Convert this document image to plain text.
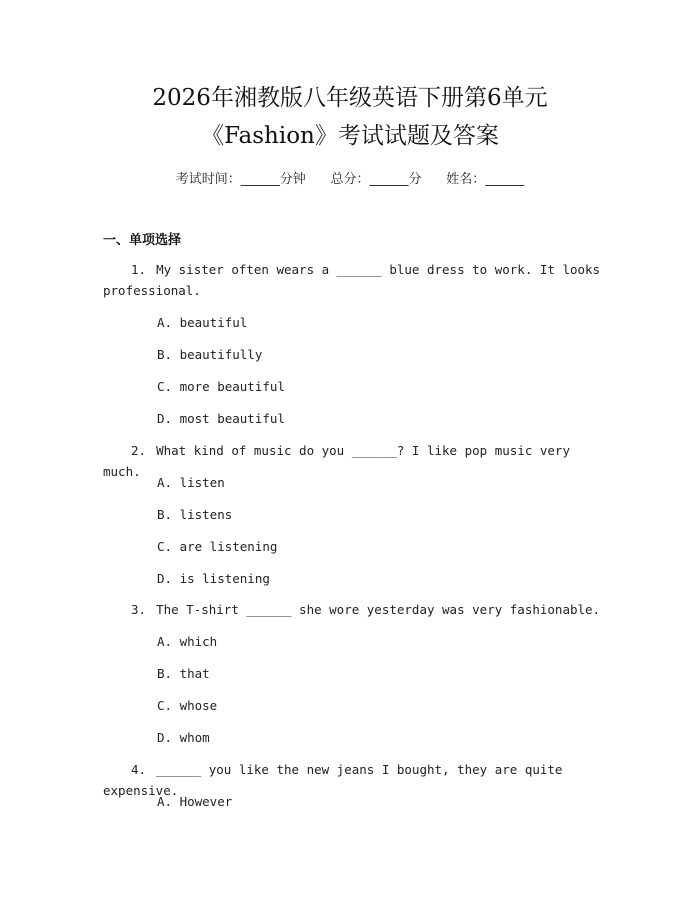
2026年湘教版八年级英语下册第6单元
《Fashion》考试试题及答案
考试时间：______分钟      总分：______分      姓名：______
一、单项选择
1. My sister often wears a ______ blue dress to work. It looks professional.
A. beautiful
B. beautifully
C. more beautiful
D. most beautiful
2. What kind of music do you ______? I like pop music very much.
A. listen
B. listens
C. are listening
D. is listening
3. The T-shirt ______ she wore yesterday was very fashionable.
A. which
B. that
C. whose
D. whom
4. ______ you like the new jeans I bought, they are quite expensive.
A. However
